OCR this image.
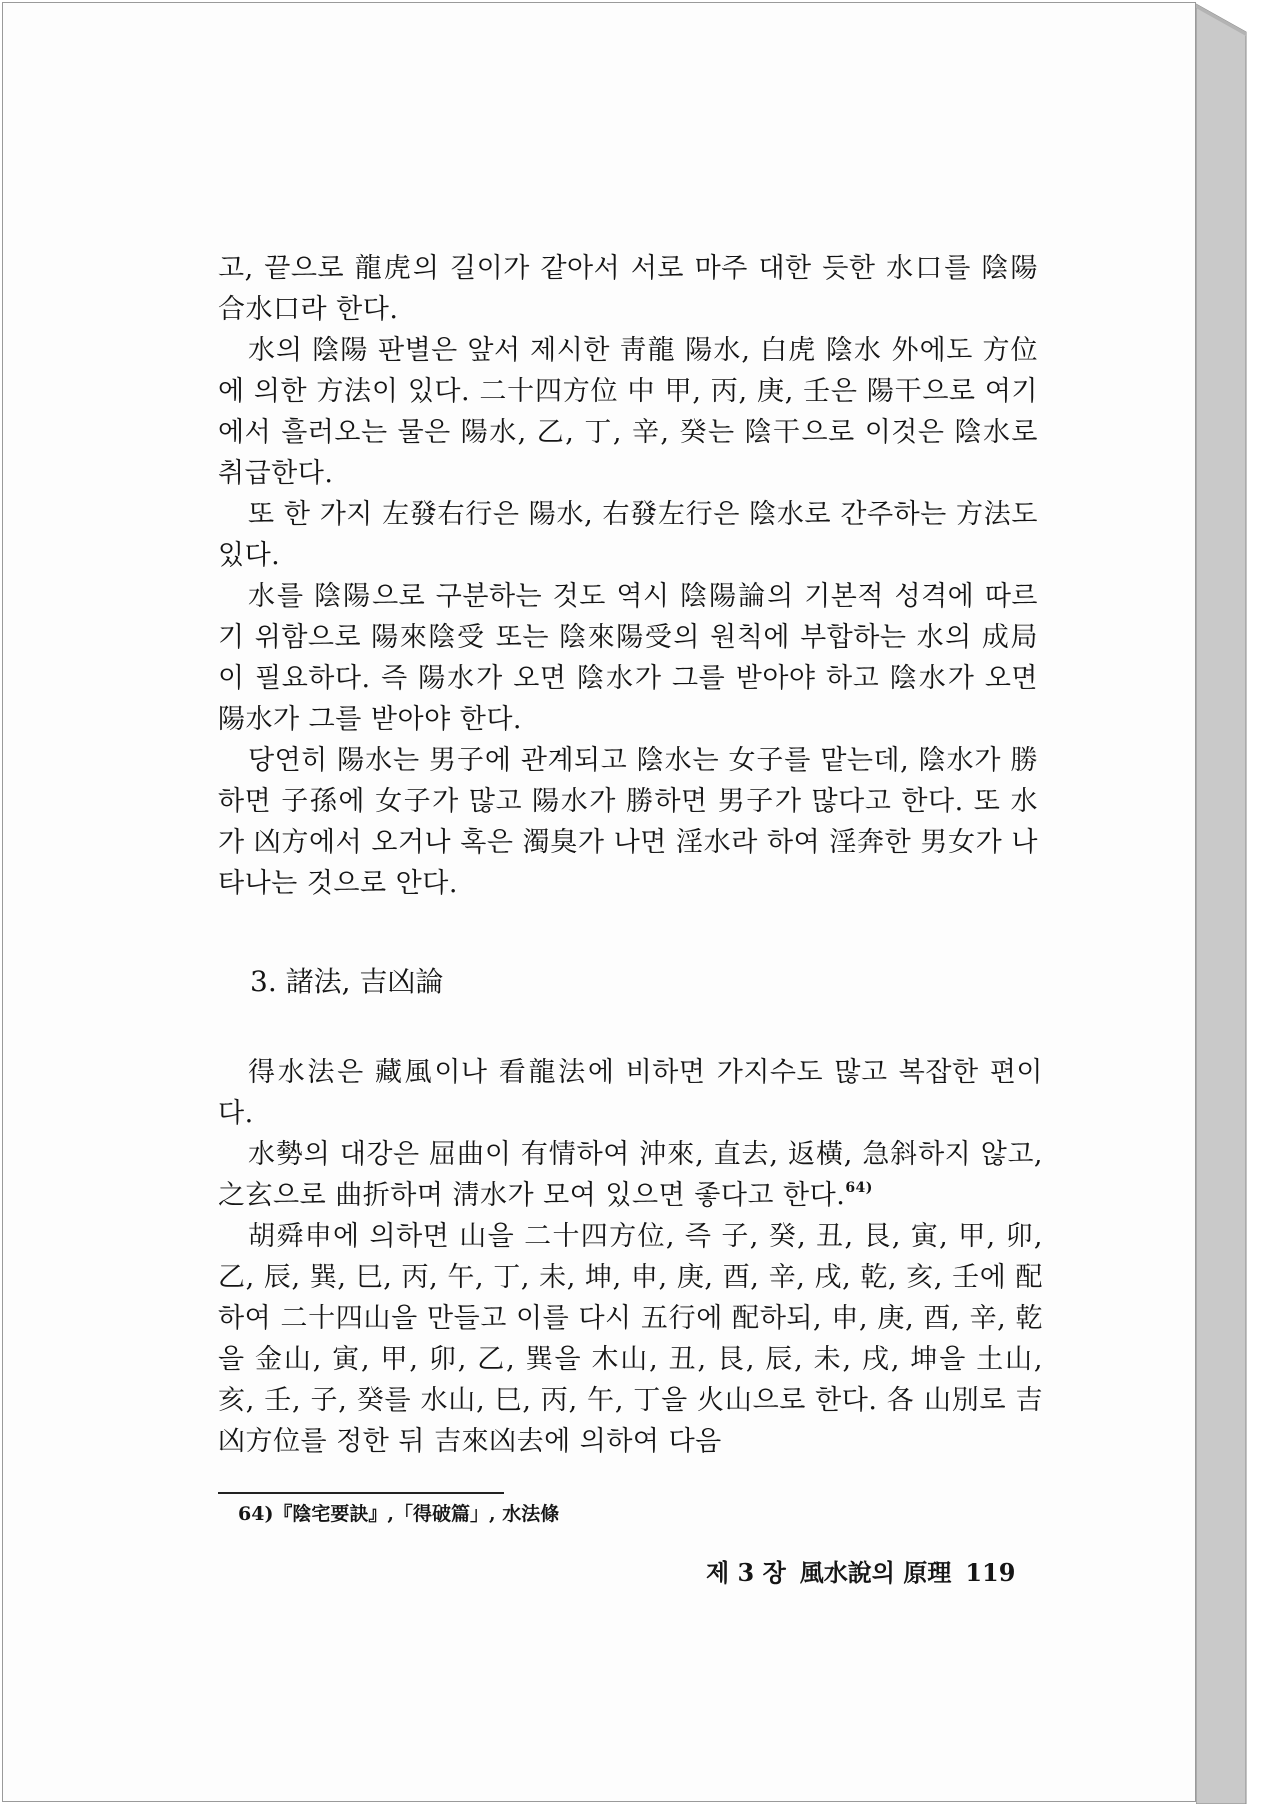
고, 끝으로 龍虎의 길이가 같아서 서로 마주 대한 듯한 水口를 陰陽合水口라 한다.

水의 陰陽 판별은 앞서 제시한 靑龍 陽水, 白虎 陰水 外에도 方位에 의한 方法이 있다. 二十四方位 中 甲, 丙, 庚, 壬은 陽干으로 여기에서 흘러오는 물은 陽水, 乙, 丁, 辛, 癸는 陰干으로 이것은 陰水로 취급한다.

또 한 가지 左發右行은 陽水, 右發左行은 陰水로 간주하는 方法도 있다.

水를 陰陽으로 구분하는 것도 역시 陰陽論의 기본적 성격에 따르기 위함으로 陽來陰受 또는 陰來陽受의 원칙에 부합하는 水의 成局이 필요하다. 즉 陽水가 오면 陰水가 그를 받아야 하고 陰水가 오면 陽水가 그를 받아야 한다.

당연히 陽水는 男子에 관계되고 陰水는 女子를 맡는데, 陰水가 勝하면 子孫에 女子가 많고 陽水가 勝하면 男子가 많다고 한다. 또 水가 凶方에서 오거나 혹은 濁臭가 나면 淫水라 하여 淫奔한 男女가 나타나는 것으로 안다.

3. 諸法, 吉凶論

得水法은 藏風이나 看龍法에 비하면 가지수도 많고 복잡한 편이다.

水勢의 대강은 屈曲이 有情하여 沖來, 直去, 返橫, 急斜하지 않고, 之玄으로 曲折하며 淸水가 모여 있으면 좋다고 한다.$^{64)}$

胡舜申에 의하면 山을 二十四方位, 즉 子, 癸, 丑, 艮, 寅, 甲, 卯, 乙, 辰, 巽, 巳, 丙, 午, 丁, 未, 坤, 申, 庚, 酉, 辛, 戌, 乾, 亥, 壬에 配하여 二十四山을 만들고 이를 다시 五行에 配하되, 申, 庚, 酉, 辛, 乾을 金山, 寅, 甲, 卯, 乙, 巽을 木山, 丑, 艮, 辰, 未, 戌, 坤을 土山, 亥, 壬, 子, 癸를 水山, 巳, 丙, 午, 丁을 火山으로 한다. 各 山別로 吉凶方位를 정한 뒤 吉來凶去에 의하여 다음

64)『陰宅要訣』,「得破篇」, 水法條

제 3 장 風水說의 原理 119
